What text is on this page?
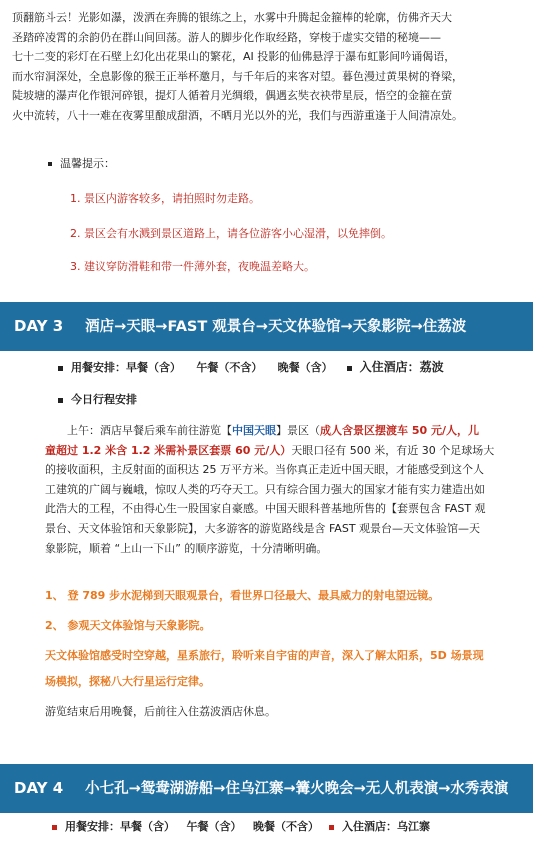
顶翻筋斗云！光影如瀑，泼洒在奔腾的银练之上，水雾中升腾起金箍棒的轮廓，仿佛齐天大
圣踏碎凌霄的余韵仍在群山间回荡。游人的脚步化作取经路，穿梭于虚实交错的秘境——
七十二变的彩灯在石壁上幻化出花果山的繁花，AI 投影的仙佛悬浮于瀑布虹影间吟诵偈语，
而水帘洞深处，全息影像的猴王正举杯邀月，与千年后的来客对望。暮色漫过黄果树的脊梁，
陡坡塘的瀑声化作银河碎银，提灯人循着月光绸缎，偶遇玄奘衣袂带星辰，悟空的金箍在萤
火中流转，八十一难在夜雾里酿成甜酒，不晒月光以外的光，我们与西游重逢于人间清凉处。
温馨提示：
1. 景区内游客较多，请拍照时勿走路。
2. 景区会有水溅到景区道路上，请各位游客小心湿滑，以免摔倒。
3. 建议穿防滑鞋和带一件薄外套，夜晚温差略大。
DAY 3 酒店→天眼→FAST 观景台→天文体验馆→天象影院→住荔波
用餐安排：早餐（含）    午餐（不含）    晚餐（含） 入住酒店：荔波
今日行程安排
上午：酒店早餐后乘车前往游览【中国天眼】景区（成人含景区摆渡车 50 元/人，儿
童超过 1.2 米含 1.2 米需补景区套票 60 元/人）天眼口径有 500 米，有近 30 个足球场大
的接收面积，主反射面的面积达 25 万平方米。当你真正走近中国天眼，才能感受到这个人
工建筑的广阔与巍峨，惊叹人类的巧夺天工。只有综合国力强大的国家才能有实力建造出如
此浩大的工程，不由得心生一股国家自豪感。中国天眼科普基地所售的【套票包含 FAST 观
景台、天文体验馆和天象影院】，大多游客的游览路线是含 FAST 观景台—天文体验馆—天
象影院，顺着 “上山一下山” 的顺序游览，十分清晰明确。
1、 登 789 步水泥梯到天眼观景台，看世界口径最大、最具威力的射电望远镜。
2、 参观天文体验馆与天象影院。
天文体验馆感受时空穿越，星系旅行，聆听来自宇宙的声音，深入了解太阳系，5D 场景现
场模拟，探秘八大行星运行定律。
游览结束后用晚餐，后前往入住荔波酒店休息。
DAY 4 小七孔→鸳鸯湖游船→住乌江寨→篝火晚会→无人机表演→水秀表演
用餐安排：早餐（含）   午餐（含）   晚餐（不含） 入住酒店：乌江寨
